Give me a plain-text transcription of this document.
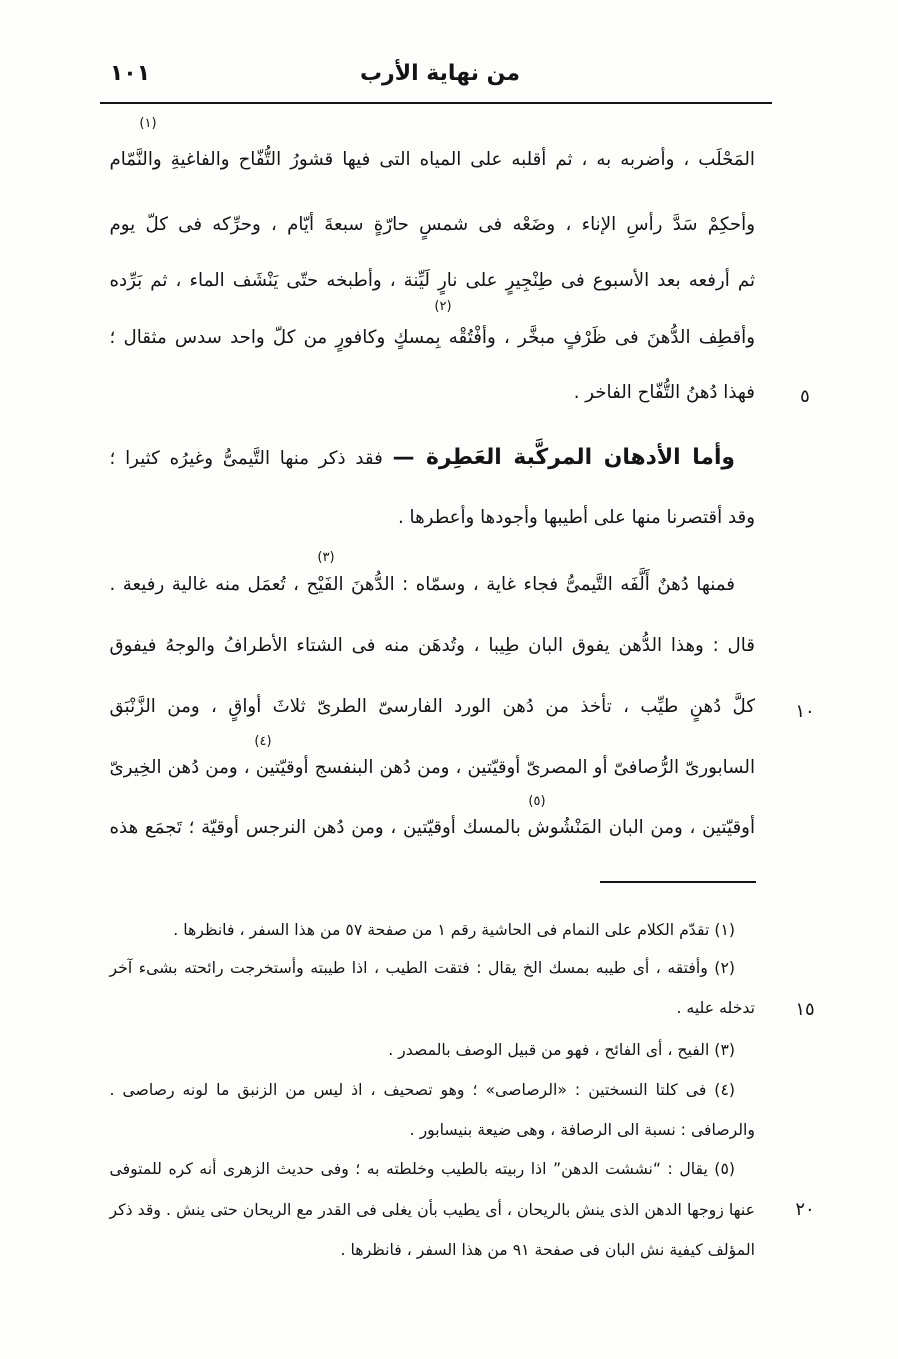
من نهاية الأرب
١٠١
المَحْلَب ، وأضربه به ، ثم أقلبه على المياه التى فيها قشورُ التُّفّاح والفاغيةِ والنَّمّام
وأحكِمْ سَدَّ رأسِ الإناء ، وضَعْه فى شمسٍ حارّةٍ سبعةَ أيّام ، وحرِّكه فى كلّ يوم
ثم أرفعه بعد الأسبوع فى طِنْجِيرٍ على نارٍ لَيِّنة ، وأطبخه حتّى يَنْشَف الماء ، ثم بَرِّده
وأقطِف الدُّهنَ فى ظَرْفٍ مبخَّر ، وأفْتُقْه بِمسكٍ وكافورٍ من كلّ واحد سدس مثقال ؛
فهذا دُهنُ التُّفّاح الفاخر .
وأما الأدهان المركَّبة العَطِرة — فقد ذكر منها التَّيمىُّ وغيرُه كثيرا ؛
وقد أقتصرنا منها على أطيبها وأجودها وأعطرها .
فمنها دُهنٌ أَلَّفَه التَّيمىُّ فجاء غاية ، وسمّاه : الدُّهنَ الفَيْح ، تُعمَل منه غالية رفيعة .
قال : وهذا الدُّهن يفوق البان طِيبا ، وتُدهَن منه فى الشتاء الأطرافُ والوجهُ فيفوق
كلَّ دُهنٍ طيِّب ، تأخذ من دُهن الورد الفارسىّ الطرىّ ثلاثَ أواقٍ ، ومن الزَّنْبَق
السابورىّ الرُّصافىّ أو المصرىّ أوقيّتين ، ومن دُهن البنفسج أوقيّتين ، ومن دُهن الخِيرىّ
أوقيّتين ، ومن البان المَنْشُوش بالمسك أوقيّتين ، ومن دُهن النرجس أوقيّة ؛ تَجمَع هذه
(١)
(٢)
(٣)
(٤)
(٥)
٥
١٠
١٥
٢٠
(١) تقدّم الكلام على النمام فى الحاشية رقم ١ من صفحة ٥٧ من هذا السفر ، فانظرها .
(٢) وأفتقه ، أى طيبه بمسك الخ يقال : فتقت الطيب ، اذا طيبته وأستخرجت رائحته بشىء آخر
تدخله عليه .
(٣) الفيح ، أى الفائح ، فهو من قبيل الوصف بالمصدر .
(٤) فى كلتا النسختين : «الرصاصى» ؛ وهو تصحيف ، اذ ليس من الزنبق ما لونه رصاصى .
والرصافى : نسبة الى الرصافة ، وهى ضيعة بنيسابور .
(٥) يقال : “نششت الدهن” اذا ربيته بالطيب وخلطته به ؛ وفى حديث الزهرى أنه كره للمتوفى
عنها زوجها الدهن الذى ينش بالريحان ، أى يطيب بأن يغلى فى القدر مع الريحان حتى ينش . وقد ذكر
المؤلف كيفية نش البان فى صفحة ٩١ من هذا السفر ، فانظرها .
